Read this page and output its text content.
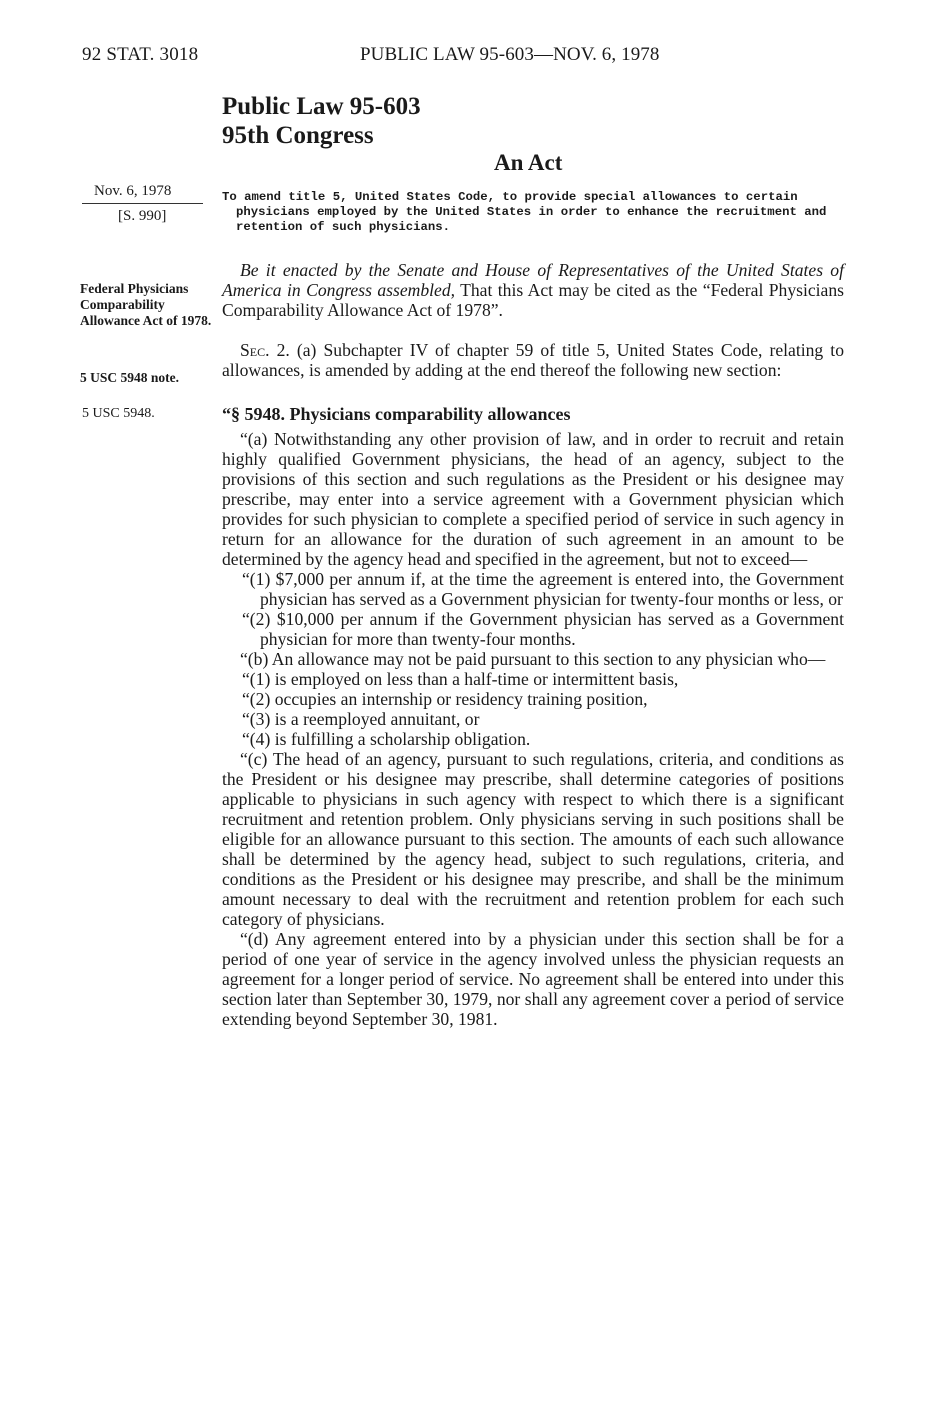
92 STAT. 3018	PUBLIC LAW 95-603—NOV. 6, 1978
Public Law 95-603
95th Congress
An Act
Nov. 6, 1978
[S. 990]
Federal Physicians Comparability Allowance Act of 1978.
5 USC 5948 note.
5 USC 5948.
To amend title 5, United States Code, to provide special allowances to certain physicians employed by the United States in order to enhance the recruitment and retention of such physicians.

Be it enacted by the Senate and House of Representatives of the United States of America in Congress assembled, That this Act may be cited as the “Federal Physicians Comparability Allowance Act of 1978”.

Sec. 2. (a) Subchapter IV of chapter 59 of title 5, United States Code, relating to allowances, is amended by adding at the end thereof the following new section:

“§ 5948. Physicians comparability allowances

“(a) Notwithstanding any other provision of law, and in order to recruit and retain highly qualified Government physicians, the head of an agency, subject to the provisions of this section and such regulations as the President or his designee may prescribe, may enter into a service agreement with a Government physician which provides for such physician to complete a specified period of service in such agency in return for an allowance for the duration of such agreement in an amount to be determined by the agency head and specified in the agreement, but not to exceed—

“(1) $7,000 per annum if, at the time the agreement is entered into, the Government physician has served as a Government physician for twenty-four months or less, or

“(2) $10,000 per annum if the Government physician has served as a Government physician for more than twenty-four months.

“(b) An allowance may not be paid pursuant to this section to any physician who—

“(1) is employed on less than a half-time or intermittent basis,

“(2) occupies an internship or residency training position,

“(3) is a reemployed annuitant, or

“(4) is fulfilling a scholarship obligation.

“(c) The head of an agency, pursuant to such regulations, criteria, and conditions as the President or his designee may prescribe, shall determine categories of positions applicable to physicians in such agency with respect to which there is a significant recruitment and retention problem. Only physicians serving in such positions shall be eligible for an allowance pursuant to this section. The amounts of each such allowance shall be determined by the agency head, subject to such regulations, criteria, and conditions as the President or his designee may prescribe, and shall be the minimum amount necessary to deal with the recruitment and retention problem for each such category of physicians.

“(d) Any agreement entered into by a physician under this section shall be for a period of one year of service in the agency involved unless the physician requests an agreement for a longer period of service. No agreement shall be entered into under this section later than September 30, 1979, nor shall any agreement cover a period of service extending beyond September 30, 1981.
